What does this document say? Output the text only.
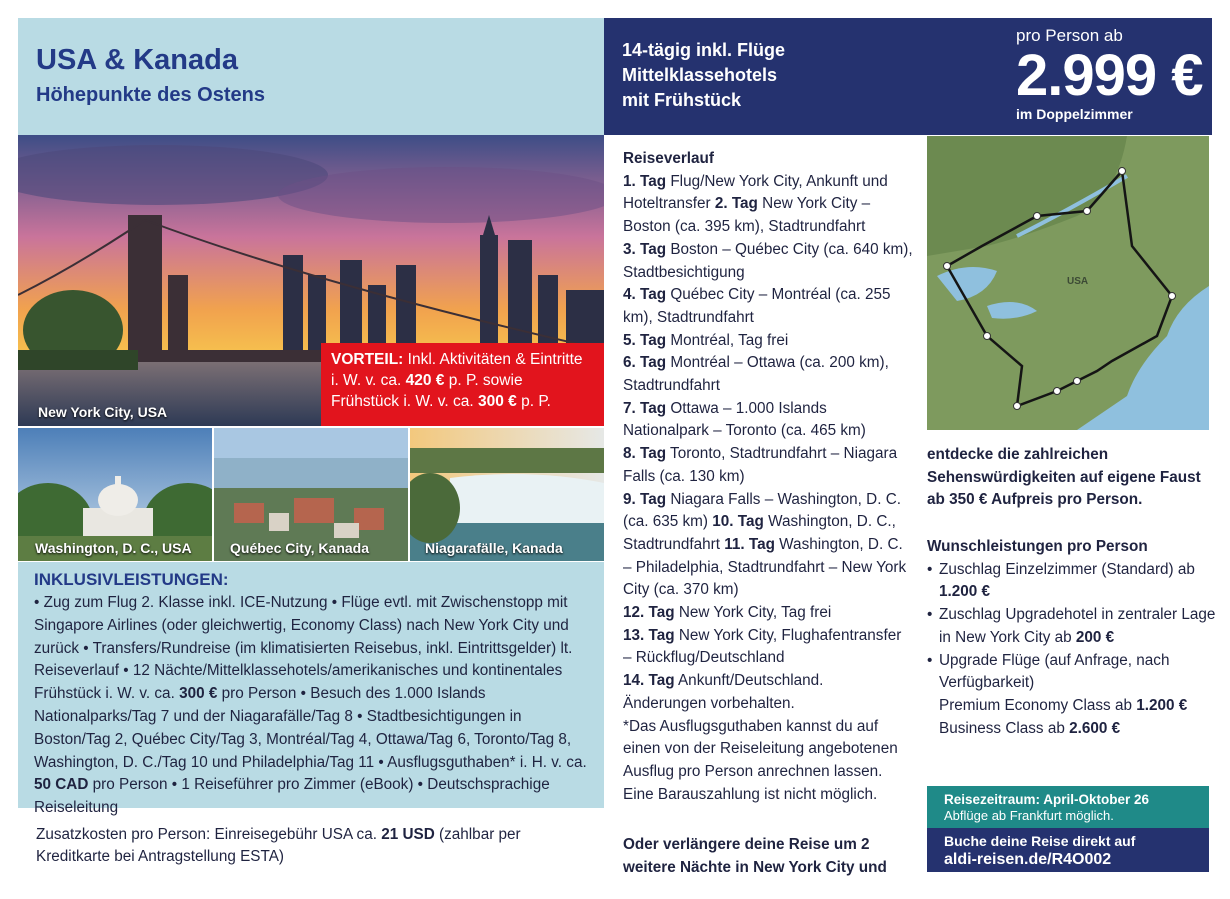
USA & Kanada
Höhepunkte des Ostens
14-tägig inkl. Flüge
Mittelklassehotels
mit Frühstück
pro Person ab
2.999 €
im Doppelzimmer
New York City, USA
VORTEIL: Inkl. Aktivitäten & Eintritte i. W. v. ca. 420 € p. P. sowie Frühstück i. W. v. ca. 300 € p. P.
Washington, D. C., USA	Québec City, Kanada	Niagarafälle, Kanada
INKLUSIVLEISTUNGEN:
• Zug zum Flug 2. Klasse inkl. ICE-Nutzung • Flüge evtl. mit Zwischenstopp mit Singapore Airlines (oder gleichwertig, Economy Class) nach New York City und zurück • Transfers/Rundreise (im klimatisierten Reisebus, inkl. Eintrittsgelder) lt. Reiseverlauf • 12 Nächte/Mittelklassehotels/amerikanisches und kontinentales Frühstück i. W. v. ca. 300 € pro Person • Besuch des 1.000 Islands Nationalparks/Tag 7 und der Niagarafälle/Tag 8 • Stadtbesichtigungen in Boston/Tag 2, Québec City/Tag 3, Montréal/Tag 4, Ottawa/Tag 6, Toronto/Tag 8, Washington, D. C./Tag 10 und Philadelphia/Tag 11 • Ausflugsguthaben* i. H. v. ca. 50 CAD pro Person • 1 Reiseführer pro Zimmer (eBook) • Deutschsprachige Reiseleitung
Zusatzkosten pro Person: Einreisegebühr USA ca. 21 USD (zahlbar per Kreditkarte bei Antragstellung ESTA)
Reiseverlauf

1. Tag Flug/New York City, Ankunft und Hoteltransfer 2. Tag New York City – Boston (ca. 395 km), Stadtrundfahrt

3. Tag Boston – Québec City (ca. 640 km), Stadtbesichtigung

4. Tag Québec City – Montréal (ca. 255 km), Stadtrundfahrt

5. Tag Montréal, Tag frei

6. Tag Montréal – Ottawa (ca. 200 km), Stadtrundfahrt

7. Tag Ottawa – 1.000 Islands Nationalpark – Toronto (ca. 465 km)

8. Tag Toronto, Stadtrundfahrt – Niagara Falls (ca. 130 km)

9. Tag Niagara Falls – Washington, D. C. (ca. 635 km) 10. Tag Washington, D. C., Stadtrundfahrt 11. Tag Washington, D. C. – Philadelphia, Stadtrundfahrt – New York City (ca. 370 km)

12. Tag New York City, Tag frei

13. Tag New York City, Flughafentransfer – Rückflug/Deutschland

14. Tag Ankunft/Deutschland.

Änderungen vorbehalten.

*Das Ausflugsguthaben kannst du auf einen von der Reiseleitung angebotenen Ausflug pro Person anrechnen lassen. Eine Barauszahlung ist nicht möglich.

Oder verlängere deine Reise um 2 weitere Nächte in New York City und
USA
entdecke die zahlreichen Sehenswürdigkeiten auf eigene Faust ab 350 € Aufpreis pro Person.
Wunschleistungen pro Person
• Zuschlag Einzelzimmer (Standard) ab 1.200 €
• Zuschlag Upgradehotel in zentraler Lage in New York City ab 200 €
• Upgrade Flüge (auf Anfrage, nach Verfügbarkeit)
Premium Economy Class ab 1.200 €
Business Class ab 2.600 €
Reisezeitraum: April-Oktober 26
Abflüge ab Frankfurt möglich.
Buche deine Reise direkt auf
aldi-reisen.de/R4O002
